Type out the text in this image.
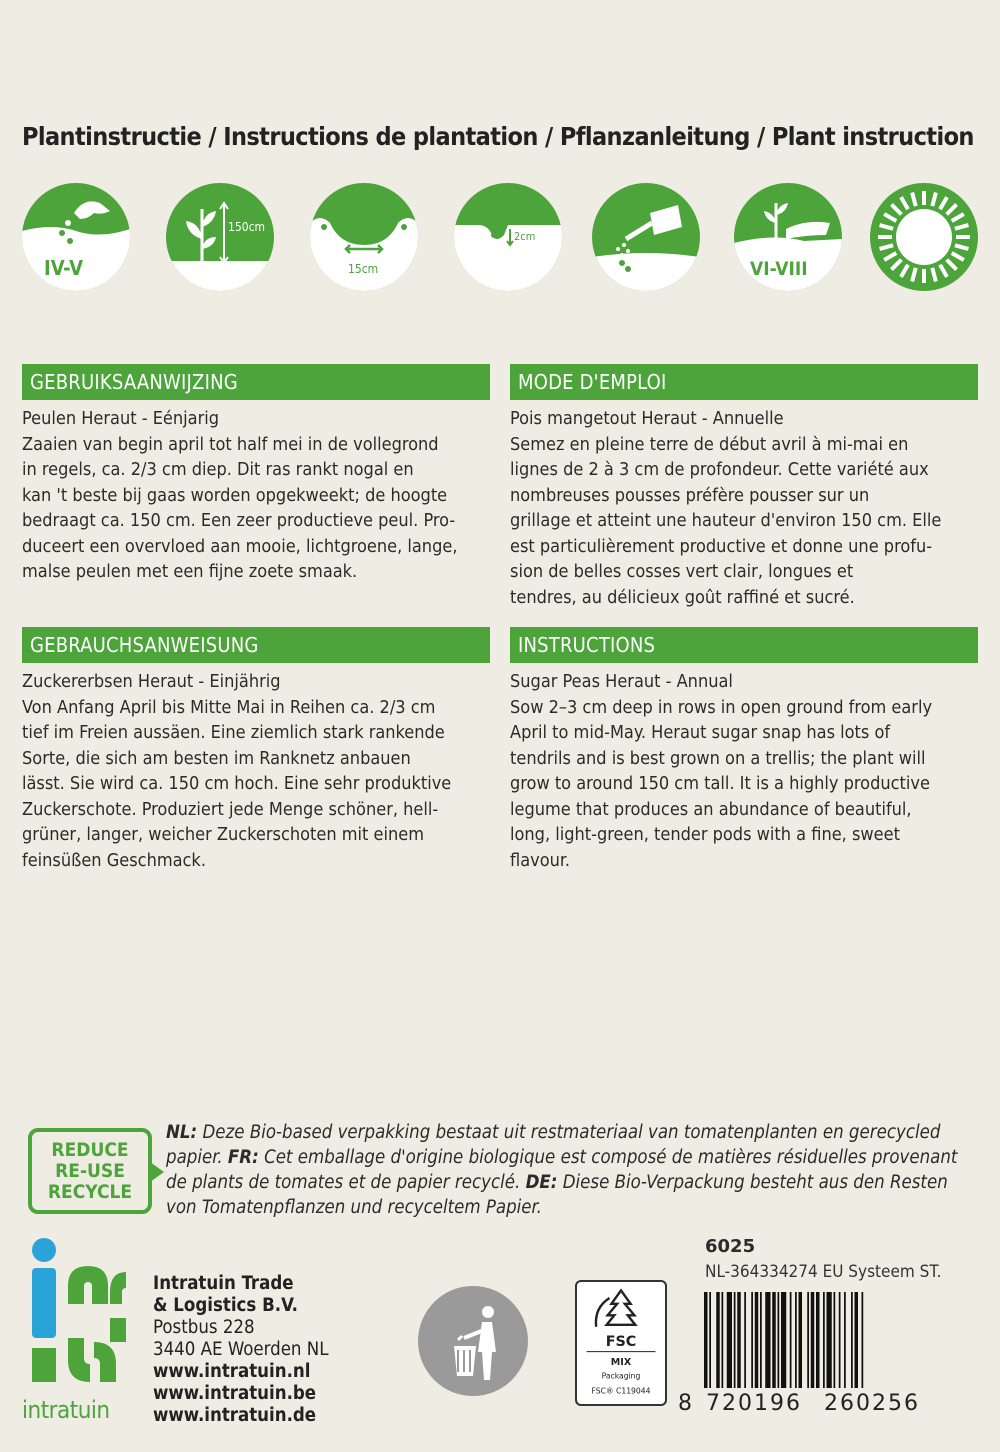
Plantinstructie / Instructions de plantation / Pflanzanleitung / Plant instruction
IV-V
150cm
15cm
2cm
VI-VIII
GEBRUIKSAANWIJZING
Peulen Heraut - Eénjarig
Zaaien van begin april tot half mei in de vollegrond
in regels, ca. 2/3 cm diep. Dit ras rankt nogal en
kan 't beste bij gaas worden opgekweekt; de hoogte
bedraagt ca. 150 cm. Een zeer productieve peul. Pro-
duceert een overvloed aan mooie, lichtgroene, lange,
malse peulen met een fijne zoete smaak.
MODE D'EMPLOI
Pois mangetout Heraut - Annuelle
Semez en pleine terre de début avril à mi-mai en
lignes de 2 à 3 cm de profondeur. Cette variété aux
nombreuses pousses préfère pousser sur un
grillage et atteint une hauteur d'environ 150 cm. Elle
est particulièrement productive et donne une profu-
sion de belles cosses vert clair, longues et
tendres, au délicieux goût raffiné et sucré.
GEBRAUCHSANWEISUNG
Zuckererbsen Heraut - Einjährig
Von Anfang April bis Mitte Mai in Reihen ca. 2/3 cm
tief im Freien aussäen. Eine ziemlich stark rankende
Sorte, die sich am besten im Ranknetz anbauen
lässt. Sie wird ca. 150 cm hoch. Eine sehr produktive
Zuckerschote. Produziert jede Menge schöner, hell-
grüner, langer, weicher Zuckerschoten mit einem
feinsüßen Geschmack.
INSTRUCTIONS
Sugar Peas Heraut - Annual
Sow 2–3 cm deep in rows in open ground from early
April to mid-May. Heraut sugar snap has lots of
tendrils and is best grown on a trellis; the plant will
grow to around 150 cm tall. It is a highly productive
legume that produces an abundance of beautiful,
long, light-green, tender pods with a fine, sweet
flavour.
REDUCE
RE-USE
RECYCLE
NL: Deze Bio-based verpakking bestaat uit restmateriaal van tomatenplanten en gerecycled papier. FR: Cet emballage d'origine biologique est composé de matières résiduelles provenant de plants de tomates et de papier recyclé. DE: Diese Bio-Verpackung besteht aus den Resten von Tomatenpflanzen und recyceltem Papier.
intratuin
Intratuin Trade
& Logistics B.V.
Postbus 228
3440 AE Woerden NL
www.intratuin.nl
www.intratuin.be
www.intratuin.de
FSC
MIX
Packaging
FSC® C119044
6025
NL-364334274 EU Systeem ST.
8 720196 260256
